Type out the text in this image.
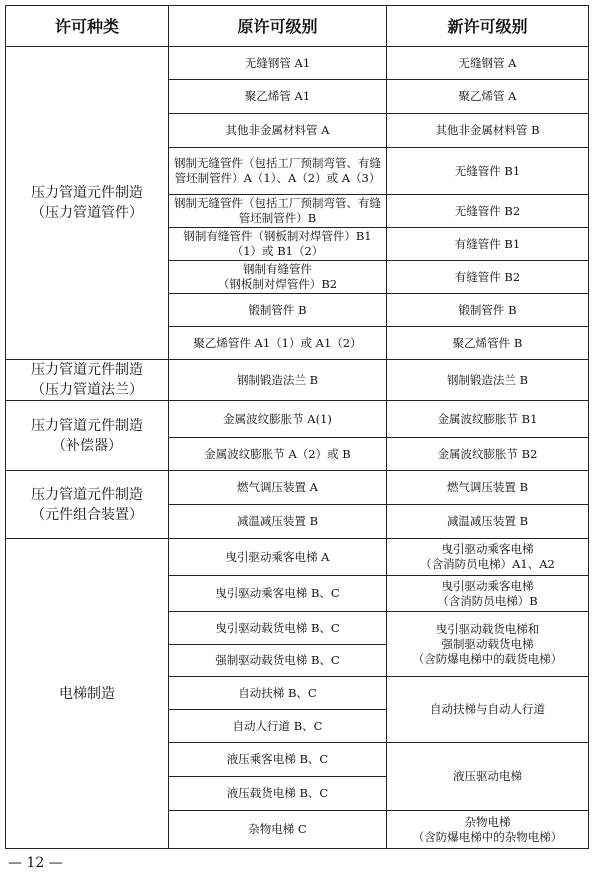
许可种类	原许可级别	新许可级别
压力管道元件制造
（压力管道管件）	无缝钢管 A1	无缝钢管 A
	聚乙烯管 A1	聚乙烯管 A
	其他非金属材料管 A	其他非金属材料管 B
	钢制无缝管件（包括工厂预制弯管、有缝管坯制管件）A（1）、A（2）或 A（3）	无缝管件 B1
	钢制无缝管件（包括工厂预制弯管、有缝管坯制管件）B	无缝管件 B2
	钢制有缝管件（钢板制对焊管件）B1（1）或 B1（2）	有缝管件 B1
	钢制有缝管件
（钢板制对焊管件）B2	有缝管件 B2
	锻制管件 B	锻制管件 B
	聚乙烯管件 A1（1）或 A1（2）	聚乙烯管件 B
压力管道元件制造
（压力管道法兰）	钢制锻造法兰 B	钢制锻造法兰 B
压力管道元件制造
（补偿器）	金属波纹膨胀节 A(1)	金属波纹膨胀节 B1
	金属波纹膨胀节 A（2）或 B	金属波纹膨胀节 B2
压力管道元件制造
（元件组合装置）	燃气调压装置 A	燃气调压装置 B
	减温减压装置 B	减温减压装置 B
电梯制造	曳引驱动乘客电梯 A	曳引驱动乘客电梯
（含消防员电梯）A1、A2
	曳引驱动乘客电梯 B、C	曳引驱动乘客电梯
（含消防员电梯）B
	曳引驱动载货电梯 B、C	曳引驱动载货电梯和
强制驱动载货电梯
（含防爆电梯中的载货电梯）
	强制驱动载货电梯 B、C	
	自动扶梯 B、C	自动扶梯与自动人行道
	自动人行道 B、C	
	液压乘客电梯 B、C	液压驱动电梯
	液压载货电梯 B、C	
	杂物电梯 C	杂物电梯
（含防爆电梯中的杂物电梯）
— 12 —
